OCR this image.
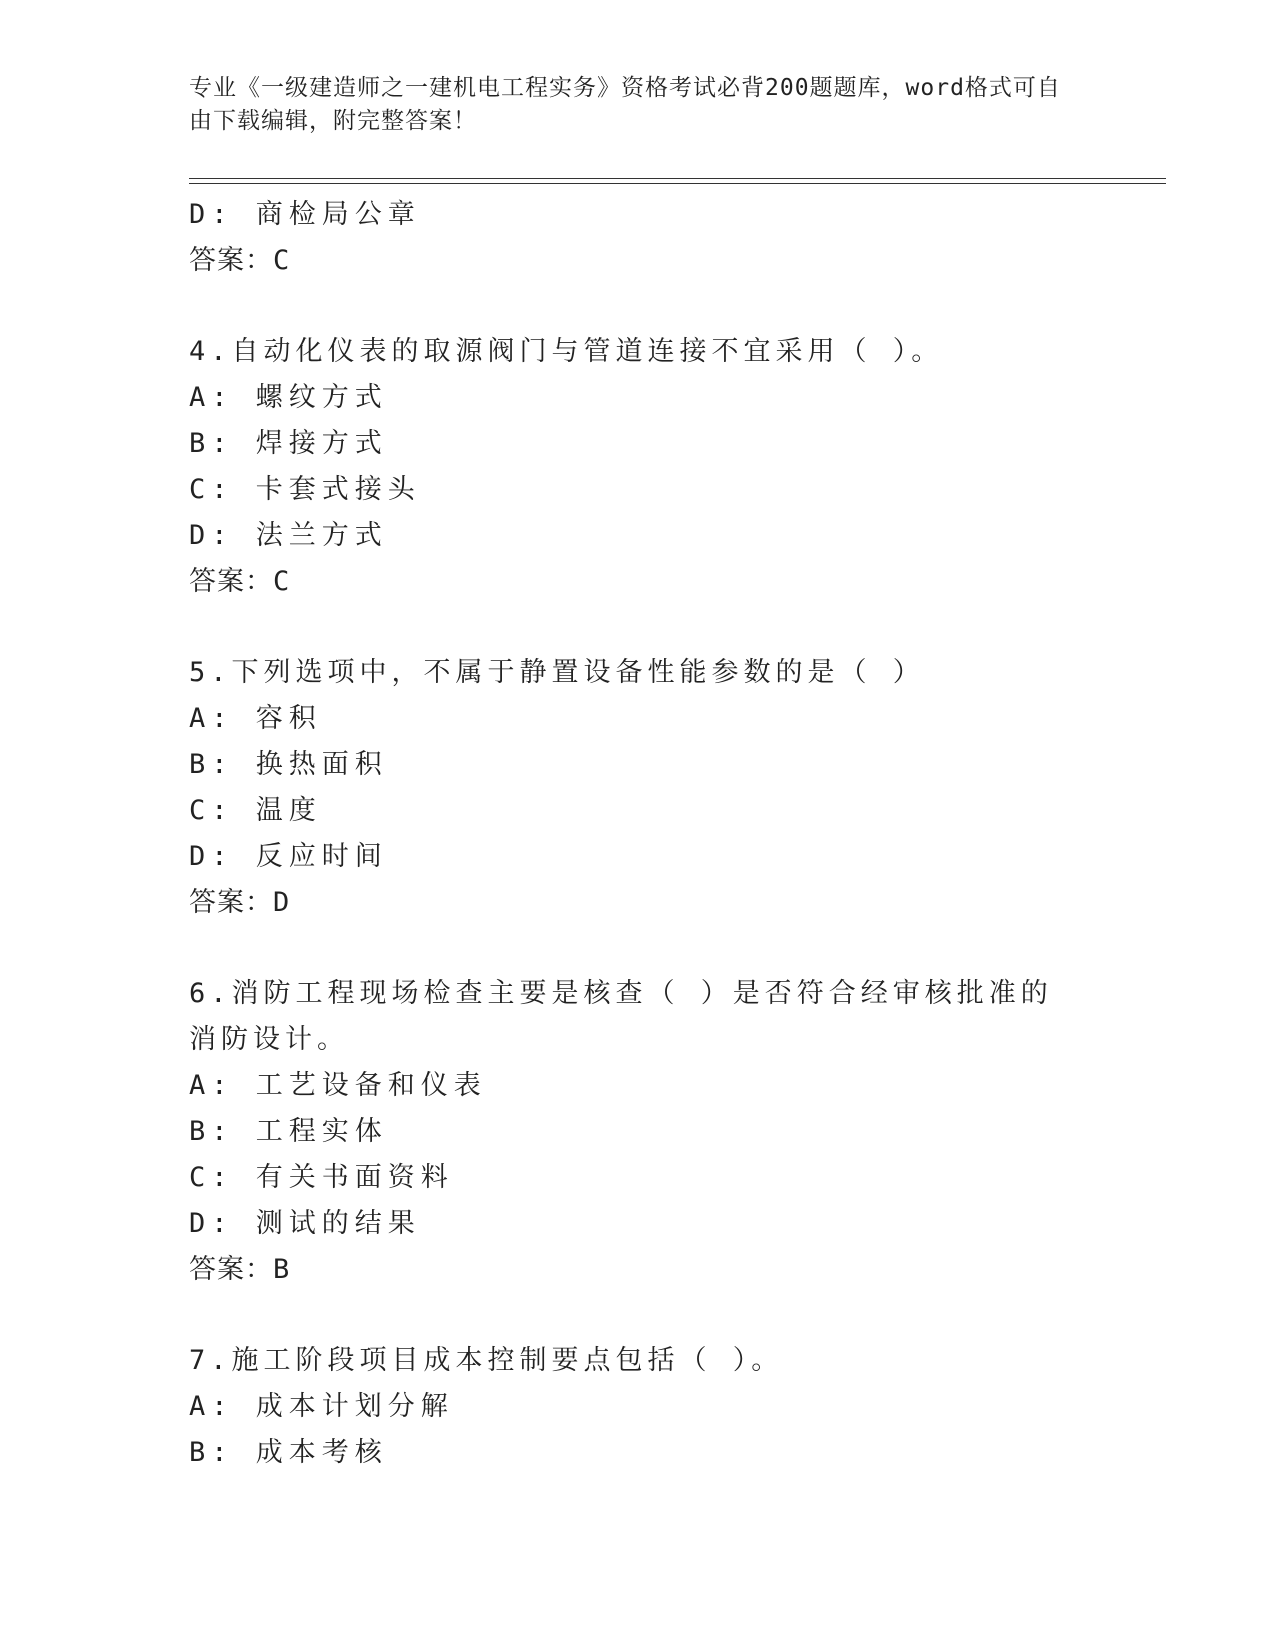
专业《一级建造师之一建机电工程实务》资格考试必背200题题库，word格式可自由下载编辑，附完整答案！
D: 商检局公章
答案：C
4.自动化仪表的取源阀门与管道连接不宜采用（ ）。
A: 螺纹方式
B: 焊接方式
C: 卡套式接头
D: 法兰方式
答案：C
5.下列选项中，不属于静置设备性能参数的是（ ）
A: 容积
B: 换热面积
C: 温度
D: 反应时间
答案：D
6.消防工程现场检查主要是核查（ ）是否符合经审核批准的消防设计。
A: 工艺设备和仪表
B: 工程实体
C: 有关书面资料
D: 测试的结果
答案：B
7.施工阶段项目成本控制要点包括（ ）。
A: 成本计划分解
B: 成本考核
